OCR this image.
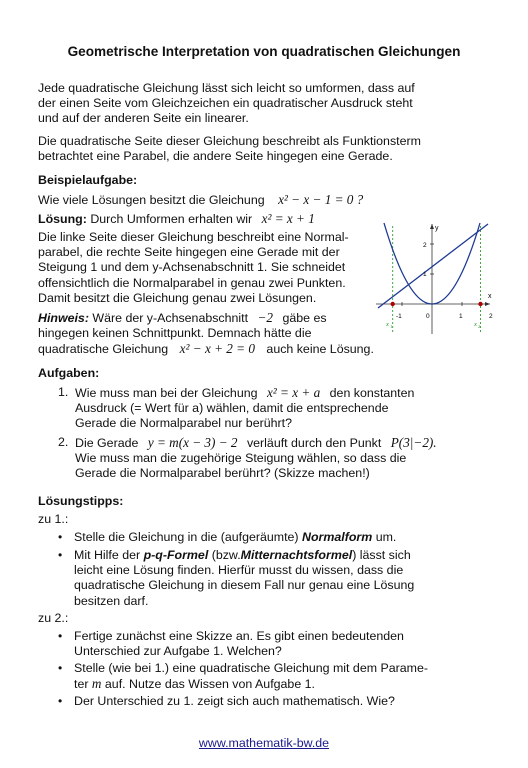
Geometrische Interpretation von quadratischen Gleichungen
Jede quadratische Gleichung lässt sich leicht so umformen, dass auf
der einen Seite vom Gleichzeichen ein quadratischer Ausdruck steht
und auf der anderen Seite ein linearer.
Die quadratische Seite dieser Gleichung beschreibt als Funktionsterm
betrachtet eine Parabel, die andere Seite hingegen eine Gerade.
Beispielaufgabe:
Wie viele Lösungen besitzt die Gleichung x² − x − 1 = 0 ?
Lösung: Durch Umformen erhalten wir x² = x + 1
Die linke Seite dieser Gleichung beschreibt eine Normal-
parabel, die rechte Seite hingegen eine Gerade mit der
Steigung 1 und dem y-Achsenabschnitt 1. Sie schneidet
offensichtlich die Normalparabel in genau zwei Punkten.
Damit besitzt die Gleichung genau zwei Lösungen.
Hinweis: Wäre der y-Achsenabschnitt −2 gäbe es
hingegen keinen Schnittpunkt. Demnach hätte die
quadratische Gleichung x² − x + 2 = 0 auch keine Lösung.
x
y
-1	0	1	2
1
2
x 1	x 2
Aufgaben:
1. Wie muss man bei der Gleichung x² = x + a den konstanten
Ausdruck (= Wert für a) wählen, damit die entsprechende
Gerade die Normalparabel nur berührt?
2. Die Gerade y = m(x − 3) − 2 verläuft durch den Punkt P(3|−2).
Wie muss man die zugehörige Steigung wählen, so dass die
Gerade die Normalparabel berührt? (Skizze machen!)
Lösungstipps:
zu 1.:
• Stelle die Gleichung in die (aufgeräumte) Normalform um.
• Mit Hilfe der p-q-Formel (bzw.Mitternachtsformel) lässt sich
leicht eine Lösung finden. Hierfür musst du wissen, dass die
quadratische Gleichung in diesem Fall nur genau eine Lösung
besitzen darf.
zu 2.:
• Fertige zunächst eine Skizze an. Es gibt einen bedeutenden
Unterschied zur Aufgabe 1. Welchen?
• Stelle (wie bei 1.) eine quadratische Gleichung mit dem Parame-
ter m auf. Nutze das Wissen von Aufgabe 1.
• Der Unterschied zu 1. zeigt sich auch mathematisch. Wie?
www.mathematik-bw.de
